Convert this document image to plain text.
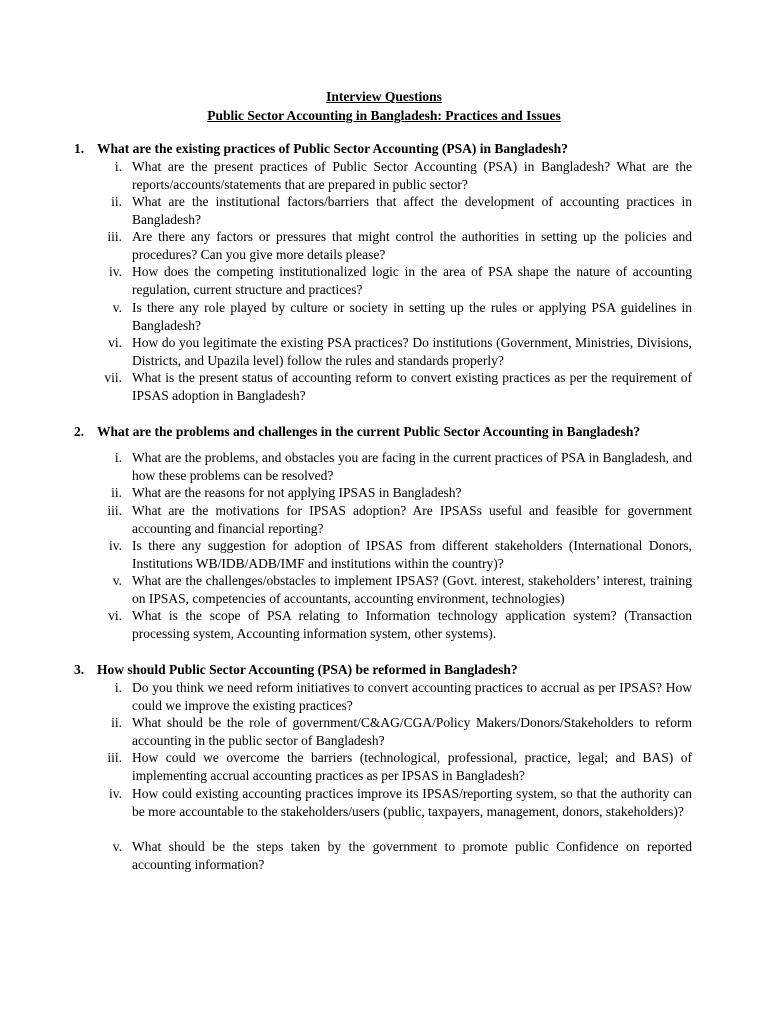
Interview Questions
Public Sector Accounting in Bangladesh: Practices and Issues
1. What are the existing practices of Public Sector Accounting (PSA) in Bangladesh?
i. What are the present practices of Public Sector Accounting (PSA) in Bangladesh? What are the reports/accounts/statements that are prepared in public sector?
ii. What are the institutional factors/barriers that affect the development of accounting practices in Bangladesh?
iii. Are there any factors or pressures that might control the authorities in setting up the policies and procedures? Can you give more details please?
iv. How does the competing institutionalized logic in the area of PSA shape the nature of accounting regulation, current structure and practices?
v. Is there any role played by culture or society in setting up the rules or applying PSA guidelines in Bangladesh?
vi. How do you legitimate the existing PSA practices? Do institutions (Government, Ministries, Divisions, Districts, and Upazila level) follow the rules and standards properly?
vii. What is the present status of accounting reform to convert existing practices as per the requirement of IPSAS adoption in Bangladesh?
2. What are the problems and challenges in the current Public Sector Accounting in Bangladesh?
i. What are the problems, and obstacles you are facing in the current practices of PSA in Bangladesh, and how these problems can be resolved?
ii. What are the reasons for not applying IPSAS in Bangladesh?
iii. What are the motivations for IPSAS adoption? Are IPSASs useful and feasible for government accounting and financial reporting?
iv. Is there any suggestion for adoption of IPSAS from different stakeholders (International Donors, Institutions WB/IDB/ADB/IMF and institutions within the country)?
v. What are the challenges/obstacles to implement IPSAS? (Govt. interest, stakeholders’ interest, training on IPSAS, competencies of accountants, accounting environment, technologies)
vi. What is the scope of PSA relating to Information technology application system? (Transaction processing system, Accounting information system, other systems).
3. How should Public Sector Accounting (PSA) be reformed in Bangladesh?
i. Do you think we need reform initiatives to convert accounting practices to accrual as per IPSAS? How could we improve the existing practices?
ii. What should be the role of government/C&AG/CGA/Policy Makers/Donors/Stakeholders to reform accounting in the public sector of Bangladesh?
iii. How could we overcome the barriers (technological, professional, practice, legal; and BAS) of implementing accrual accounting practices as per IPSAS in Bangladesh?
iv. How could existing accounting practices improve its IPSAS/reporting system, so that the authority can be more accountable to the stakeholders/users (public, taxpayers, management, donors, stakeholders)?
v. What should be the steps taken by the government to promote public Confidence on reported accounting information?
